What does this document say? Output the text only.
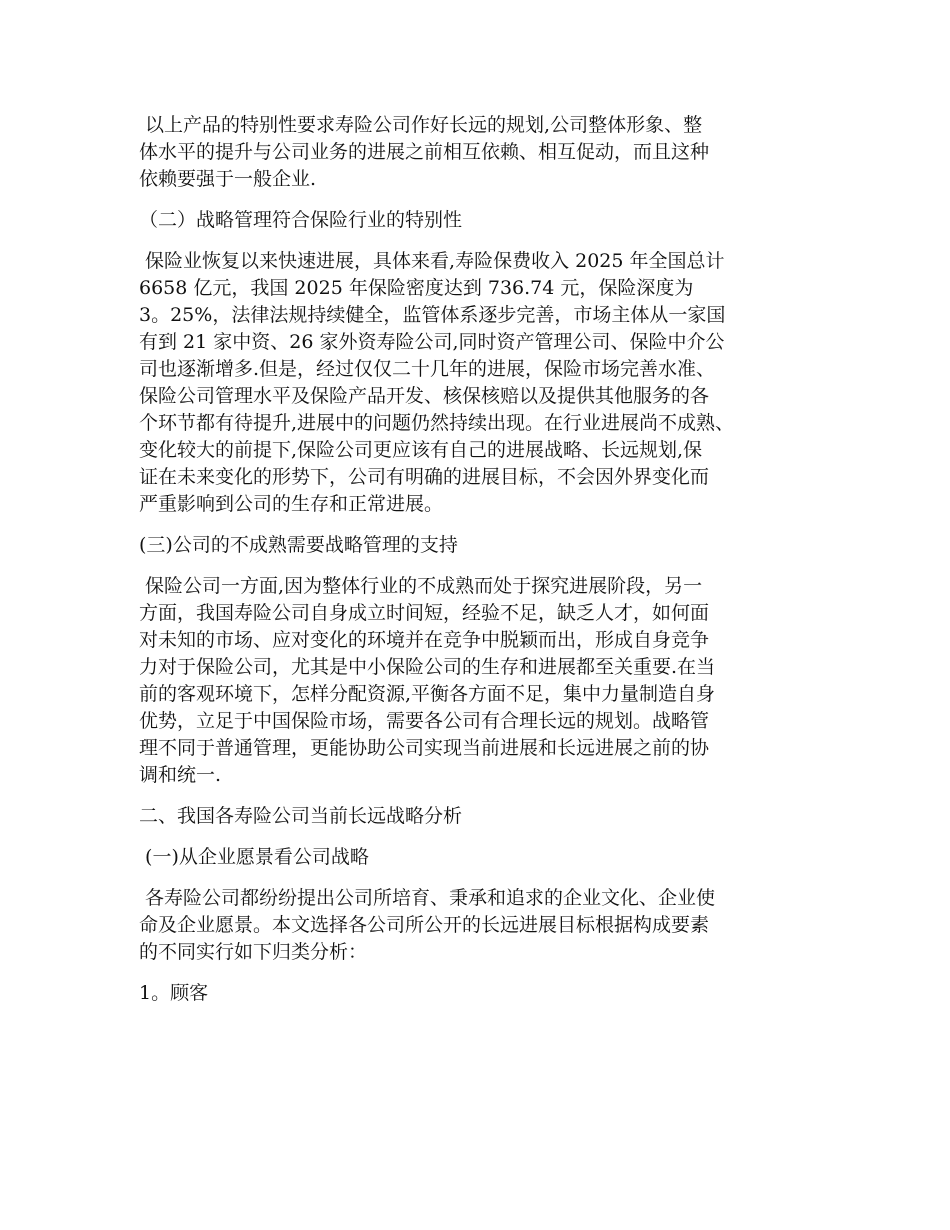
以上产品的特别性要求寿险公司作好长远的规划,公司整体形象、整
体水平的提升与公司业务的进展之前相互依赖、相互促动，而且这种
依赖要强于一般企业.

（二）战略管理符合保险行业的特别性

保险业恢复以来快速进展，具体来看,寿险保费收入 2025 年全国总计
6658 亿元，我国 2025 年保险密度达到 736.74 元，保险深度为
3。25%，法律法规持续健全，监管体系逐步完善，市场主体从一家国
有到 21 家中资、26 家外资寿险公司,同时资产管理公司、保险中介公
司也逐渐增多.但是，经过仅仅二十几年的进展，保险市场完善水准、
保险公司管理水平及保险产品开发、核保核赔以及提供其他服务的各
个环节都有待提升,进展中的问题仍然持续出现。在行业进展尚不成熟、
变化较大的前提下,保险公司更应该有自己的进展战略、长远规划,保
证在未来变化的形势下，公司有明确的进展目标，不会因外界变化而
严重影响到公司的生存和正常进展。

(三)公司的不成熟需要战略管理的支持

保险公司一方面,因为整体行业的不成熟而处于探究进展阶段，另一
方面，我国寿险公司自身成立时间短，经验不足，缺乏人才，如何面
对未知的市场、应对变化的环境并在竞争中脱颖而出，形成自身竞争
力对于保险公司，尤其是中小保险公司的生存和进展都至关重要.在当
前的客观环境下，怎样分配资源,平衡各方面不足，集中力量制造自身
优势，立足于中国保险市场，需要各公司有合理长远的规划。战略管
理不同于普通管理，更能协助公司实现当前进展和长远进展之前的协
调和统一.

二、我国各寿险公司当前长远战略分析
(一)从企业愿景看公司战略

各寿险公司都纷纷提出公司所培育、秉承和追求的企业文化、企业使
命及企业愿景。本文选择各公司所公开的长远进展目标根据构成要素
的不同实行如下归类分析：

1。顾客
